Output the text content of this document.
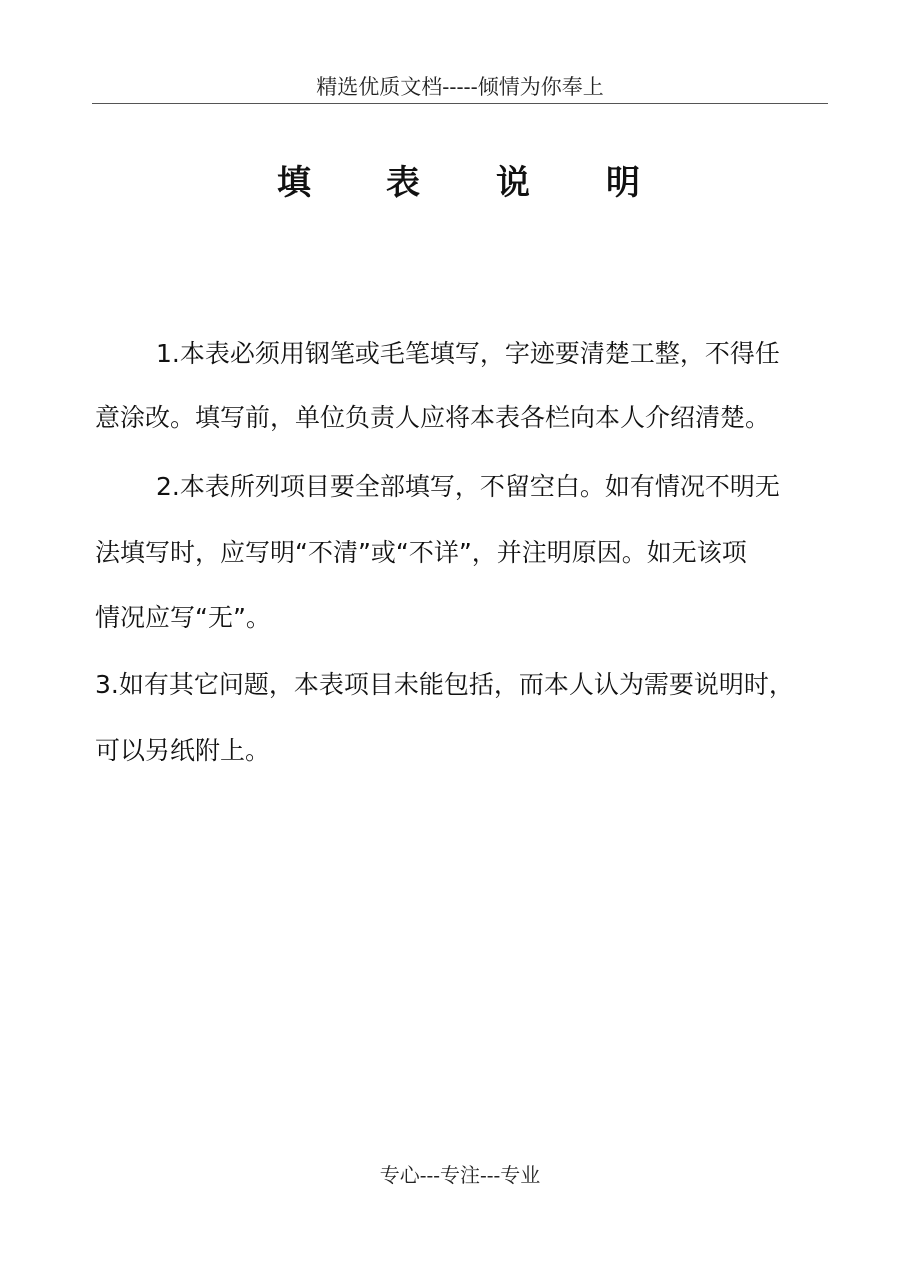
精选优质文档-----倾情为你奉上
填 表 说 明
1.本表必须用钢笔或毛笔填写，字迹要清楚工整，不得任
意涂改。填写前，单位负责人应将本表各栏向本人介绍清楚。
2.本表所列项目要全部填写，不留空白。如有情况不明无
法填写时，应写明“不清”或“不详”，并注明原因。如无该项
情况应写“无”。
3.如有其它问题，本表项目未能包括，而本人认为需要说明时，
可以另纸附上。
专心---专注---专业
